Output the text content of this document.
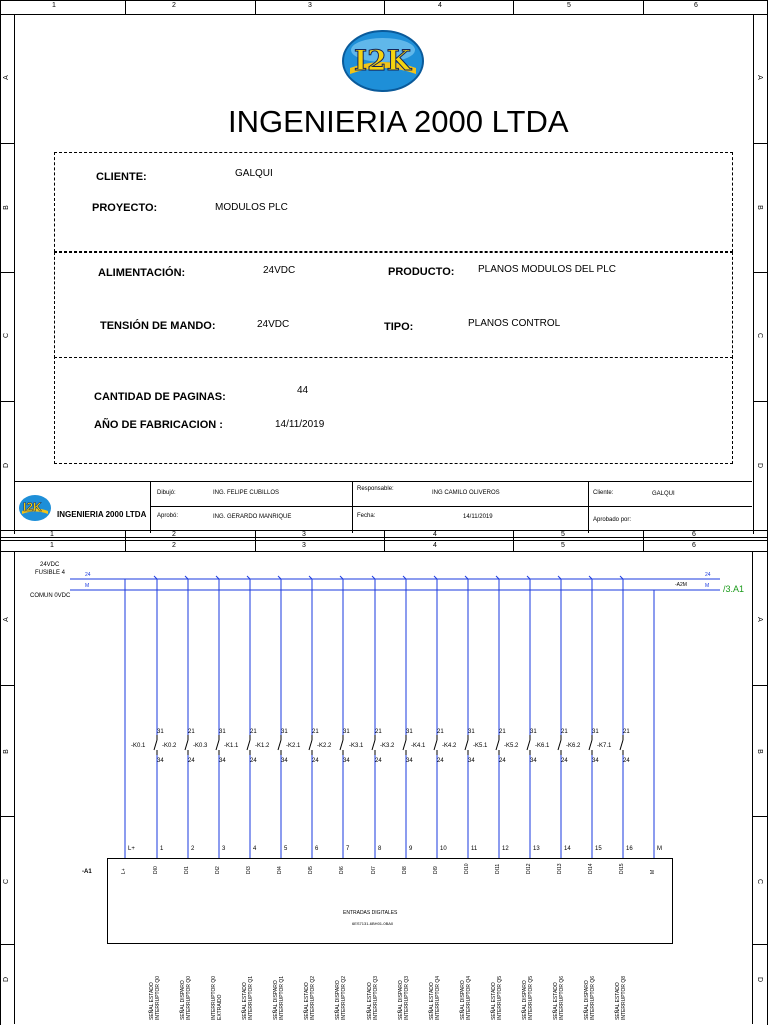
1	2	3	4	5	6
A
B
C
D
A
B
C
D
I2K
INGENIERIA 2000 LTDA
CLIENTE:	GALQUI
PROYECTO:	MODULOS PLC
ALIMENTACIÓN:	24VDC	PRODUCTO: PLANOS MODULOS DEL PLC
TENSIÓN DE MANDO:	24VDC	TIPO:	PLANOS CONTROL
CANTIDAD DE PAGINAS:
44
AÑO DE FABRICACION :	14/11/2019
I2K
INGENIERIA 2000 LTDA
Dibujó:	ING. FELIPE CUBILLOS
Aprobó:	ING. GERARDO MANRIQUE
Responsable:
ING CAMILO OLIVEROS
Fecha:	14/11/2019
Cliente:	GALQUI
Aprobado por:
1	2	3	4	5	6
1	2	3	4	5	6
A
B
C
D
A
B
C
D
24VDC
FUSIBLE 4
COMUN 0VDC
24
M
24
M
-A2M	/3.A1
-A1
ENTRADAS DIGITALES
6ES7131-6BH01-0BA0
31
34
-K0.1
21
24
-K0.2
31
34
-K0.3
21
24
-K1.1
31
34
-K1.2
21
24
-K2.1
31
34
-K2.2
21
24
-K3.1
31
34
-K3.2
21
24
-K4.1
31
34
-K4.2
21
24
-K5.1
31
34
-K5.2
21
24
-K6.1
31
34
-K6.2
21
24
-K7.1
L+
L+
1
DI0
2
DI1
3
DI2
4
DI3
5
DI4
6
DI5
7
DI6
8
DI7
9
DI8
10
DI9
11
DI10
12
DI11
13
DI12
14
DI13
15
DI14
16
DI15
M
M
SEÑAL ESTADO INTERRUPTOR Q0	SEÑAL DISPARO INTERRUPTOR Q0	INTERRUPTOR Q0 EXTRAIDO	SEÑAL ESTADO INTERRUPTOR Q1	SEÑAL DISPARO INTERRUPTOR Q1	SEÑAL ESTADO INTERRUPTOR Q2	SEÑAL DISPARO INTERRUPTOR Q2	SEÑAL ESTADO INTERRUPTOR Q3	SEÑAL DISPARO INTERRUPTOR Q3	SEÑAL ESTADO INTERRUPTOR Q4	SEÑAL DISPARO INTERRUPTOR Q4	SEÑAL ESTADO INTERRUPTOR Q5	SEÑAL DISPARO INTERRUPTOR Q5	SEÑAL ESTADO INTERRUPTOR Q6	SEÑAL DISPARO INTERRUPTOR Q6	SEÑAL ESTADO INTERRUPTOR Q8
